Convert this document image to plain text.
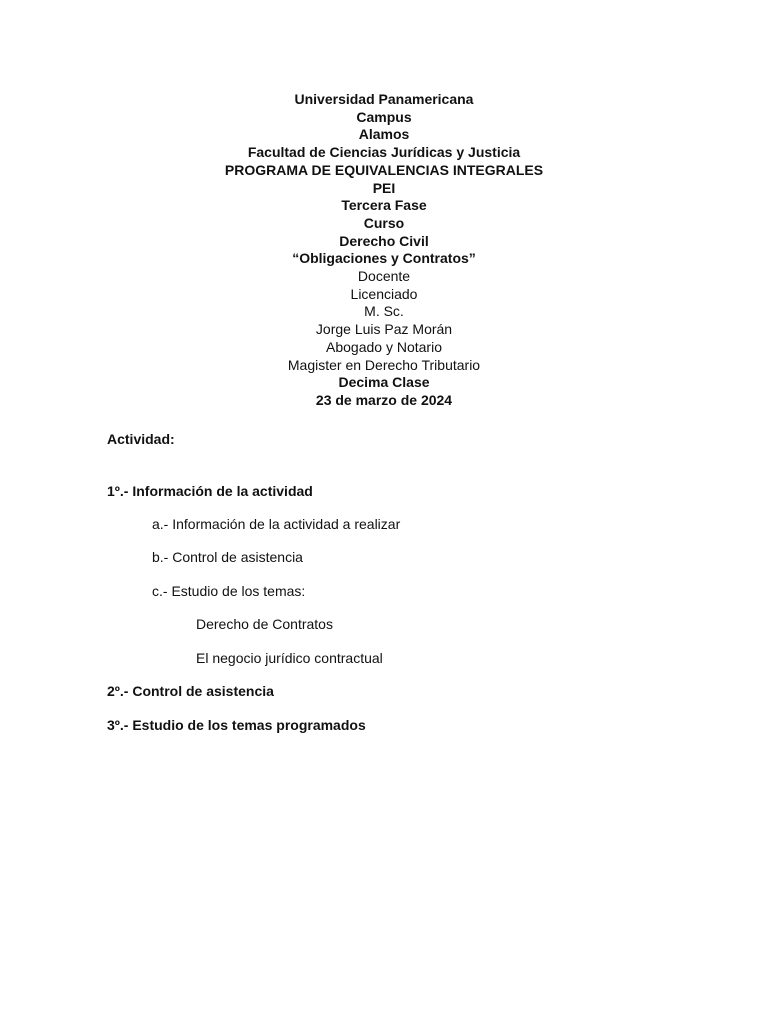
Universidad Panamericana
Campus
Alamos
Facultad de Ciencias Jurídicas y Justicia
PROGRAMA DE EQUIVALENCIAS INTEGRALES
PEI
Tercera Fase
Curso
Derecho Civil
“Obligaciones y Contratos”
Docente
Licenciado
M. Sc.
Jorge Luis Paz Morán
Abogado y Notario
Magister en Derecho Tributario
Decima Clase
23 de marzo de 2024
Actividad:
1º.- Información de la actividad
a.- Información de la actividad a realizar
b.- Control de asistencia
c.- Estudio de los temas:
Derecho de Contratos
El negocio jurídico contractual
2º.- Control de asistencia
3º.- Estudio de los temas programados
